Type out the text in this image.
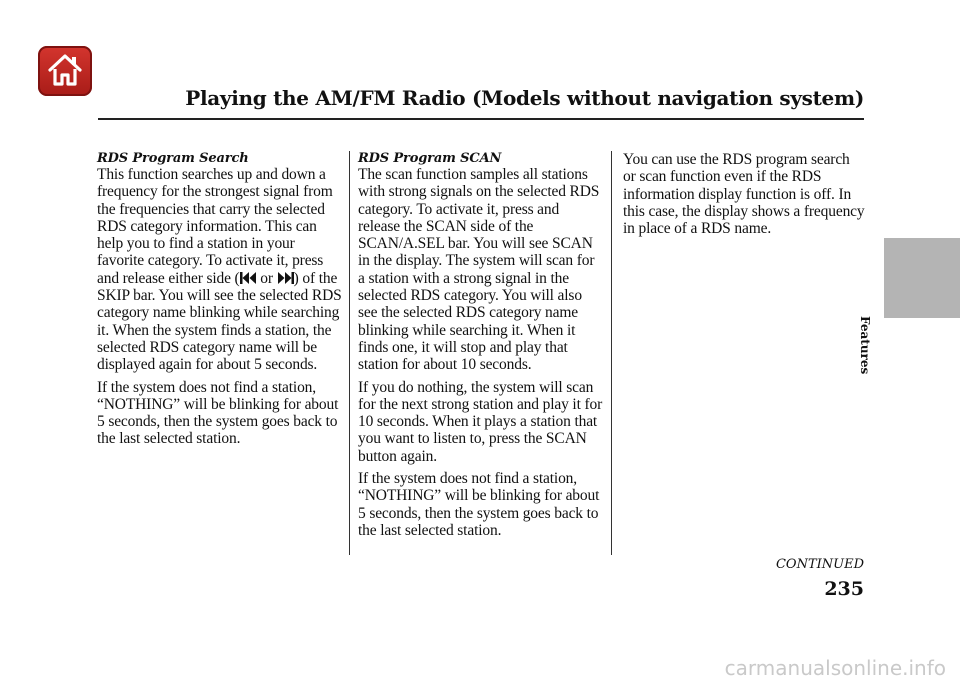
Playing the AM/FM Radio (Models without navigation system)
Features

RDS Program Search

This function searches up and down a frequency for the strongest signal from the frequencies that carry the selected RDS category information. This can help you to find a station in your favorite category. To activate it, press and release either side ( or ) of the SKIP bar. You will see the selected RDS category name blinking while searching it. When the system finds a station, the selected RDS category name will be displayed again for about 5 seconds.

If the system does not find a station, “NOTHING” will be blinking for about 5 seconds, then the system goes back to the last selected station.

RDS Program SCAN

The scan function samples all stations with strong signals on the selected RDS category. To activate it, press and release the SCAN side of the SCAN/A.SEL bar. You will see SCAN in the display. The system will scan for a station with a strong signal in the selected RDS category. You will also see the selected RDS category name blinking while searching it. When it finds one, it will stop and play that station for about 10 seconds.

If you do nothing, the system will scan for the next strong station and play it for 10 seconds. When it plays a station that you want to listen to, press the SCAN button again.

If the system does not find a station, “NOTHING” will be blinking for about 5 seconds, then the system goes back to the last selected station.

You can use the RDS program search or scan function even if the RDS information display function is off. In this case, the display shows a frequency in place of a RDS name.

CONTINUED
235
carmanualsonline.info
